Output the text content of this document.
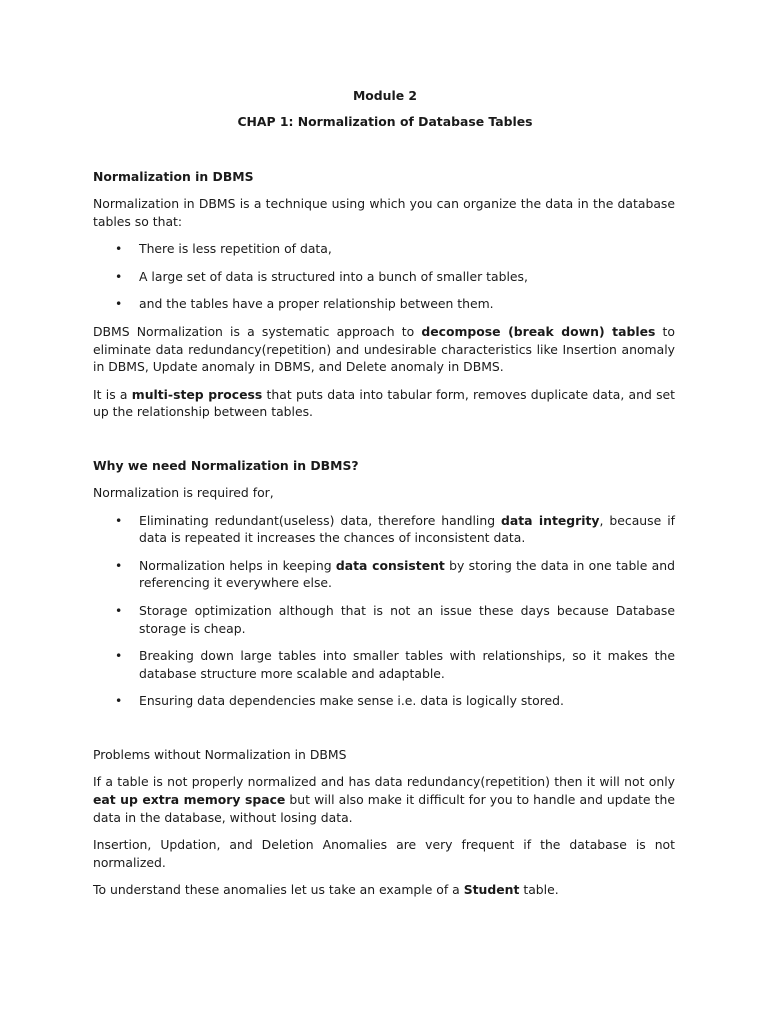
Module 2
CHAP 1: Normalization of Database Tables
Normalization in DBMS

Normalization in DBMS is a technique using which you can organize the data in the database tables so that:

• There is less repetition of data,
• A large set of data is structured into a bunch of smaller tables,
• and the tables have a proper relationship between them.

DBMS Normalization is a systematic approach to decompose (break down) tables to eliminate data redundancy(repetition) and undesirable characteristics like Insertion anomaly in DBMS, Update anomaly in DBMS, and Delete anomaly in DBMS.

It is a multi-step process that puts data into tabular form, removes duplicate data, and set up the relationship between tables.

Why we need Normalization in DBMS?

Normalization is required for,

• Eliminating redundant(useless) data, therefore handling data integrity, because if data is repeated it increases the chances of inconsistent data.
• Normalization helps in keeping data consistent by storing the data in one table and referencing it everywhere else.
• Storage optimization although that is not an issue these days because Database storage is cheap.
• Breaking down large tables into smaller tables with relationships, so it makes the database structure more scalable and adaptable.
• Ensuring data dependencies make sense i.e. data is logically stored.

Problems without Normalization in DBMS

If a table is not properly normalized and has data redundancy(repetition) then it will not only eat up extra memory space but will also make it difficult for you to handle and update the data in the database, without losing data.

Insertion, Updation, and Deletion Anomalies are very frequent if the database is not normalized.

To understand these anomalies let us take an example of a Student table.
